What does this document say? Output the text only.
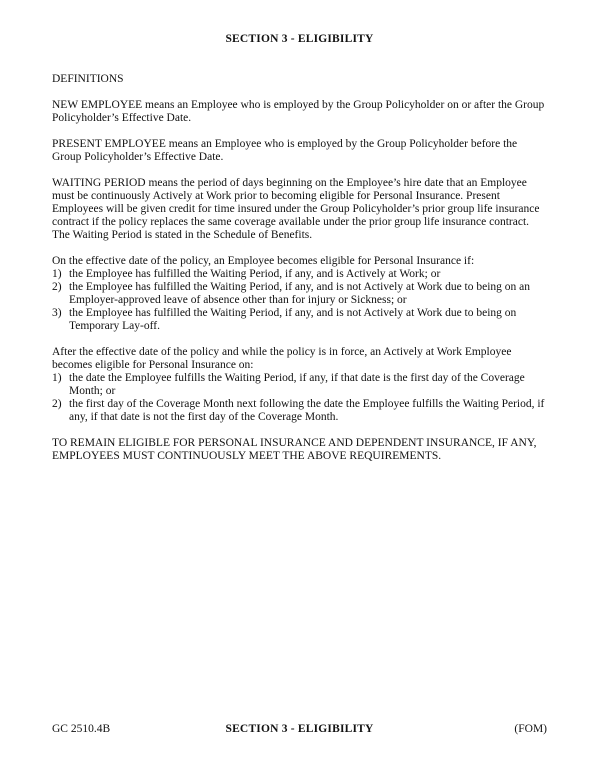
SECTION 3 - ELIGIBILITY
DEFINITIONS
NEW EMPLOYEE means an Employee who is employed by the Group Policyholder on or after the Group Policyholder’s Effective Date.
PRESENT EMPLOYEE means an Employee who is employed by the Group Policyholder before the Group Policyholder’s Effective Date.
WAITING PERIOD means the period of days beginning on the Employee’s hire date that an Employee must be continuously Actively at Work prior to becoming eligible for Personal Insurance. Present Employees will be given credit for time insured under the Group Policyholder’s prior group life insurance contract if the policy replaces the same coverage available under the prior group life insurance contract. The Waiting Period is stated in the Schedule of Benefits.
On the effective date of the policy, an Employee becomes eligible for Personal Insurance if:
1) the Employee has fulfilled the Waiting Period, if any, and is Actively at Work; or
2) the Employee has fulfilled the Waiting Period, if any, and is not Actively at Work due to being on an Employer-approved leave of absence other than for injury or Sickness; or
3) the Employee has fulfilled the Waiting Period, if any, and is not Actively at Work due to being on Temporary Lay-off.
After the effective date of the policy and while the policy is in force, an Actively at Work Employee becomes eligible for Personal Insurance on:
1) the date the Employee fulfills the Waiting Period, if any, if that date is the first day of the Coverage Month; or
2) the first day of the Coverage Month next following the date the Employee fulfills the Waiting Period, if any, if that date is not the first day of the Coverage Month.
TO REMAIN ELIGIBLE FOR PERSONAL INSURANCE AND DEPENDENT INSURANCE, IF ANY, EMPLOYEES MUST CONTINUOUSLY MEET THE ABOVE REQUIREMENTS.
GC 2510.4B	SECTION 3 - ELIGIBILITY	(FOM)
